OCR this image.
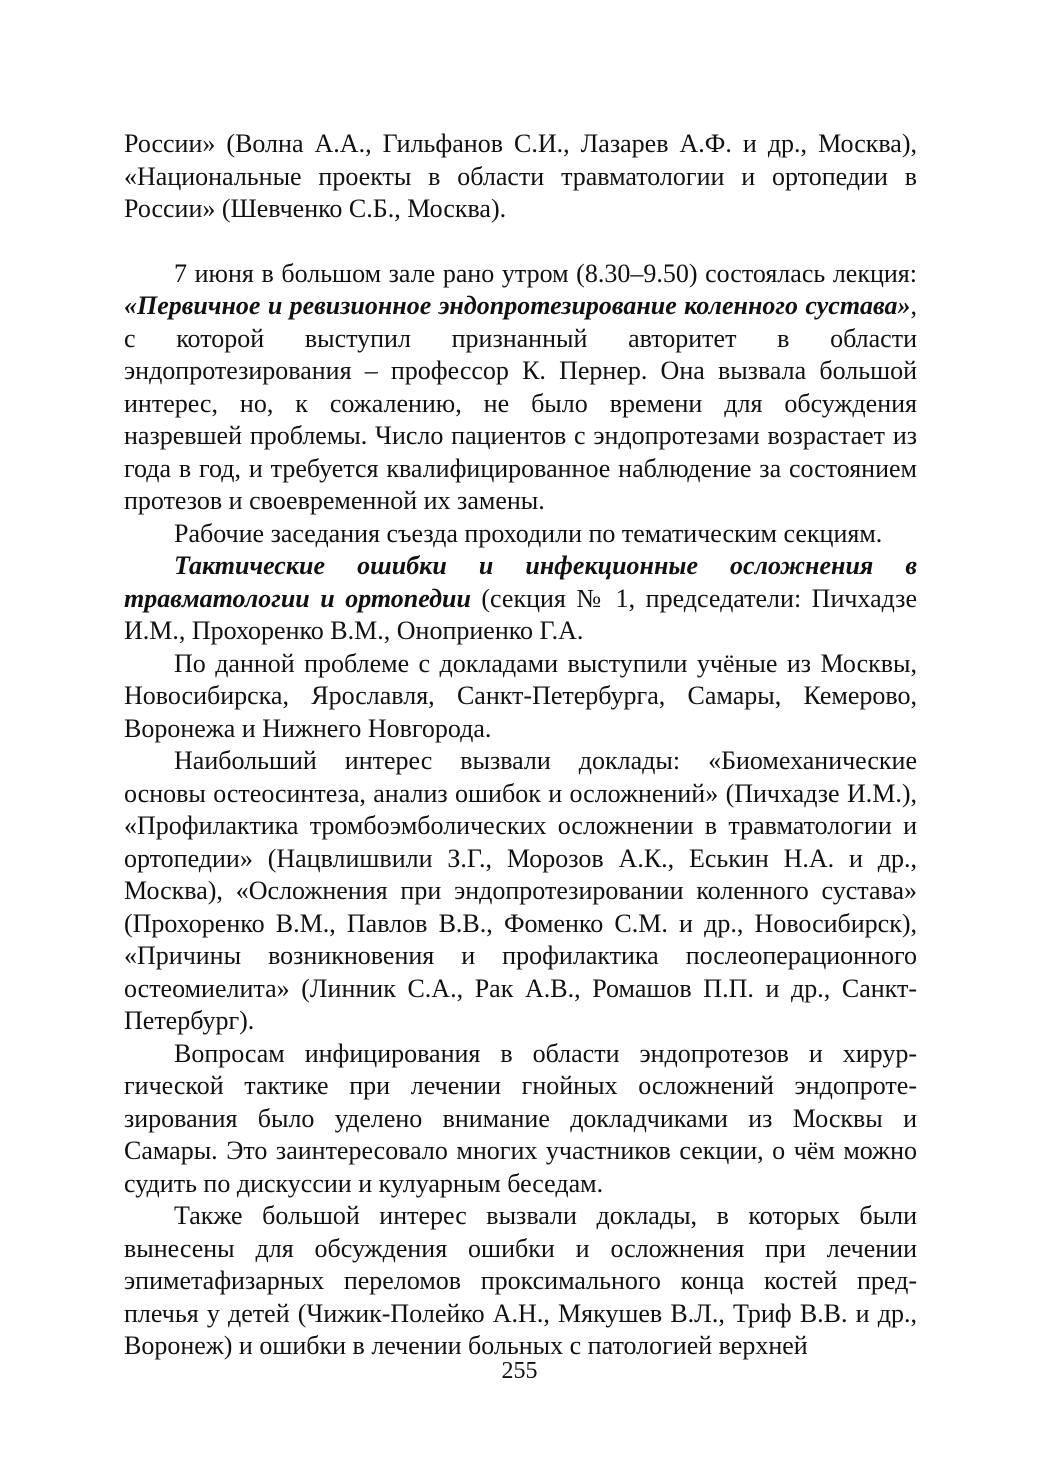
России» (Волна А.А., Гильфанов С.И., Лазарев А.Ф. и др., Москва), «Национальные проекты в области травматологии и ортопедии в России» (Шевченко С.Б., Москва).

7 июня в большом зале рано утром (8.30–9.50) состоялась лекция: «Первичное и ревизионное эндопротезирование коленного сустава», с которой выступил признанный авторитет в области эндопротезирования – профессор К. Пернер. Она вызвала большой интерес, но, к сожалению, не было времени для обсуждения назревшей проблемы. Число пациентов с эндопротезами возрастает из года в год, и требуется квалифицированное наблюдение за состоянием протезов и своевременной их замены.

Рабочие заседания съезда проходили по тематическим секциям.

Тактические ошибки и инфекционные осложнения в травматологии и ортопедии (секция № 1, председатели: Пичхадзе И.М., Прохоренко В.М., Оноприенко Г.А.

По данной проблеме с докладами выступили учёные из Москвы, Новосибирска, Ярославля, Санкт-Петербурга, Самары, Кемерово, Воронежа и Нижнего Новгорода.

Наибольший интерес вызвали доклады: «Биомеханические основы остеосинтеза, анализ ошибок и осложнений» (Пичхадзе И.М.), «Профилактика тромбоэмболических осложнении в травматологии и ортопедии» (Нацвлишвили З.Г., Морозов А.К., Еськин Н.А. и др., Москва), «Осложнения при эндопротезировании коленного сустава» (Прохоренко В.М., Павлов В.В., Фоменко С.М. и др., Новосибирск), «Причины возникновения и профилактика послеоперационного остеомиелита» (Линник С.А., Рак А.В., Ромашов П.П. и др., Санкт-Петербург).

Вопросам инфицирования в области эндопротезов и хирургической тактике при лечении гнойных осложнений эндопротезирования было уделено внимание докладчиками из Москвы и Самары. Это заинтересовало многих участников секции, о чём можно судить по дискуссии и кулуарным беседам.

Также большой интерес вызвали доклады, в которых были вынесены для обсуждения ошибки и осложнения при лечении эпиметафизарных переломов проксимального конца костей предплечья у детей (Чижик-Полейко А.Н., Мякушев В.Л., Триф В.В. и др., Воронеж) и ошибки в лечении больных с патологией верхней

255
